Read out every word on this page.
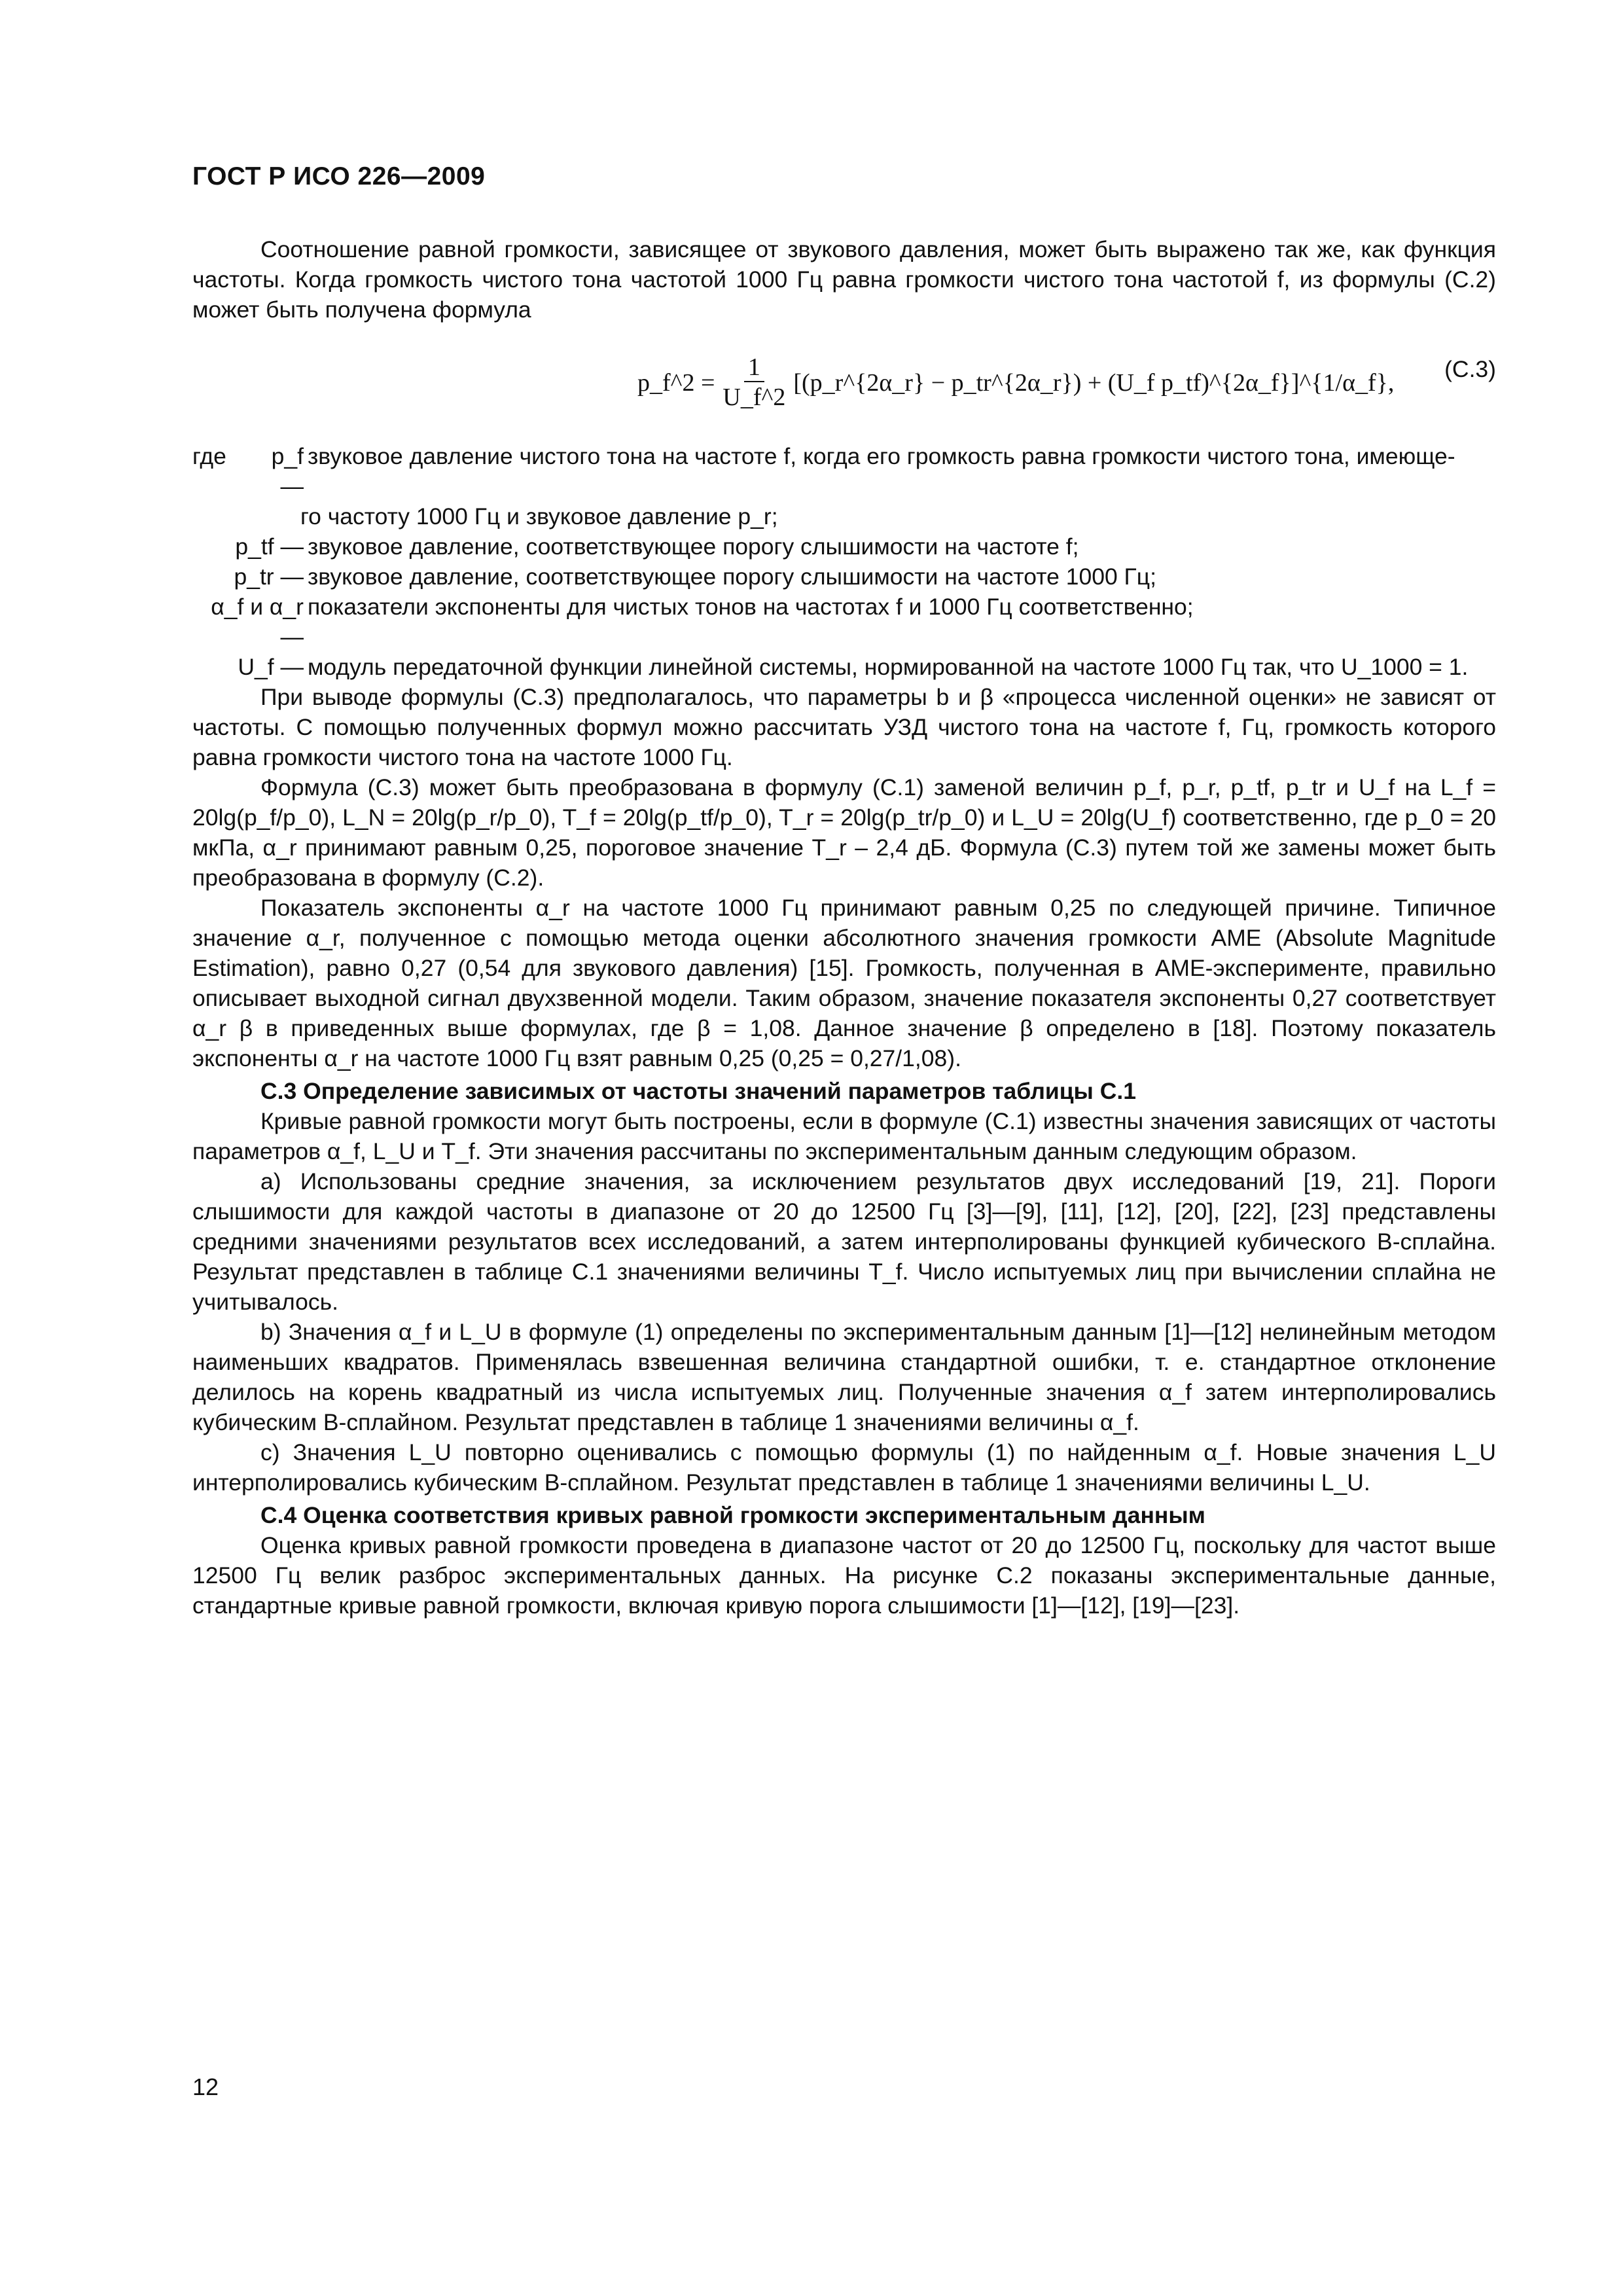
ГОСТ Р ИСО 226—2009

Соотношение равной громкости, зависящее от звукового давления, может быть выражено так же, как функция частоты. Когда громкость чистого тона частотой 1000 Гц равна громкости чистого тона частотой f, из формулы (C.2) может быть получена формула

p_f^2 = $\frac{1}{U\_f\^{}2}$ [(p_r^{2α_r} − p_tr^{2α_r}) + (U_f p_tf)^{2α_f}]^{1/α_f}, (C.3)
где	p_f —
звуковое давление чистого тона на частоте f, когда его громкость равна громкости чистого тона, имеюще-
го частоту 1000 Гц и звуковое давление p_r;
p_tf — звуковое давление, соответствующее порогу слышимости на частоте f;
p_tr — звуковое давление, соответствующее порогу слышимости на частоте 1000 Гц;
α_f и α_r —
показатели экспоненты для чистых тонов на частотах f и 1000 Гц соответственно;
U_f — модуль передаточной функции линейной системы, нормированной на частоте 1000 Гц так, что U_1000 = 1.

При выводе формулы (C.3) предполагалось, что параметры b и β «процесса численной оценки» не зависят от частоты. С помощью полученных формул можно рассчитать УЗД чистого тона на частоте f, Гц, громкость которого равна громкости чистого тона на частоте 1000 Гц.

Формула (C.3) может быть преобразована в формулу (C.1) заменой величин p_f, p_r, p_tf, p_tr и U_f на L_f = 20lg(p_f/p_0), L_N = 20lg(p_r/p_0), T_f = 20lg(p_tf/p_0), T_r = 20lg(p_tr/p_0) и L_U = 20lg(U_f) соответственно, где p_0 = 20 мкПа, α_r принимают равным 0,25, пороговое значение T_r – 2,4 дБ. Формула (C.3) путем той же замены может быть преобразована в формулу (C.2).

Показатель экспоненты α_r на частоте 1000 Гц принимают равным 0,25 по следующей причине. Типичное значение α_r, полученное с помощью метода оценки абсолютного значения громкости AME (Absolute Magnitude Estimation), равно 0,27 (0,54 для звукового давления) [15]. Громкость, полученная в AME-эксперименте, правильно описывает выходной сигнал двухзвенной модели. Таким образом, значение показателя экспоненты 0,27 соответствует α_r β в приведенных выше формулах, где β = 1,08. Данное значение β определено в [18]. Поэтому показатель экспоненты α_r на частоте 1000 Гц взят равным 0,25 (0,25 = 0,27/1,08).

C.3 Определение зависимых от частоты значений параметров таблицы C.1

Кривые равной громкости могут быть построены, если в формуле (C.1) известны значения зависящих от частоты параметров α_f, L_U и T_f. Эти значения рассчитаны по экспериментальным данным следующим образом.

a) Использованы средние значения, за исключением результатов двух исследований [19, 21]. Пороги слышимости для каждой частоты в диапазоне от 20 до 12500 Гц [3]—[9], [11], [12], [20], [22], [23] представлены средними значениями результатов всех исследований, а затем интерполированы функцией кубического B-сплайна. Результат представлен в таблице C.1 значениями величины T_f. Число испытуемых лиц при вычислении сплайна не учитывалось.

b) Значения α_f и L_U в формуле (1) определены по экспериментальным данным [1]—[12] нелинейным методом наименьших квадратов. Применялась взвешенная величина стандартной ошибки, т. е. стандартное отклонение делилось на корень квадратный из числа испытуемых лиц. Полученные значения α_f затем интерполировались кубическим B-сплайном. Результат представлен в таблице 1 значениями величины α_f.

c) Значения L_U повторно оценивались с помощью формулы (1) по найденным α_f. Новые значения L_U интерполировались кубическим B-сплайном. Результат представлен в таблице 1 значениями величины L_U.

C.4 Оценка соответствия кривых равной громкости экспериментальным данным

Оценка кривых равной громкости проведена в диапазоне частот от 20 до 12500 Гц, поскольку для частот выше 12500 Гц велик разброс экспериментальных данных. На рисунке C.2 показаны экспериментальные данные, стандартные кривые равной громкости, включая кривую порога слышимости [1]—[12], [19]—[23].

12
